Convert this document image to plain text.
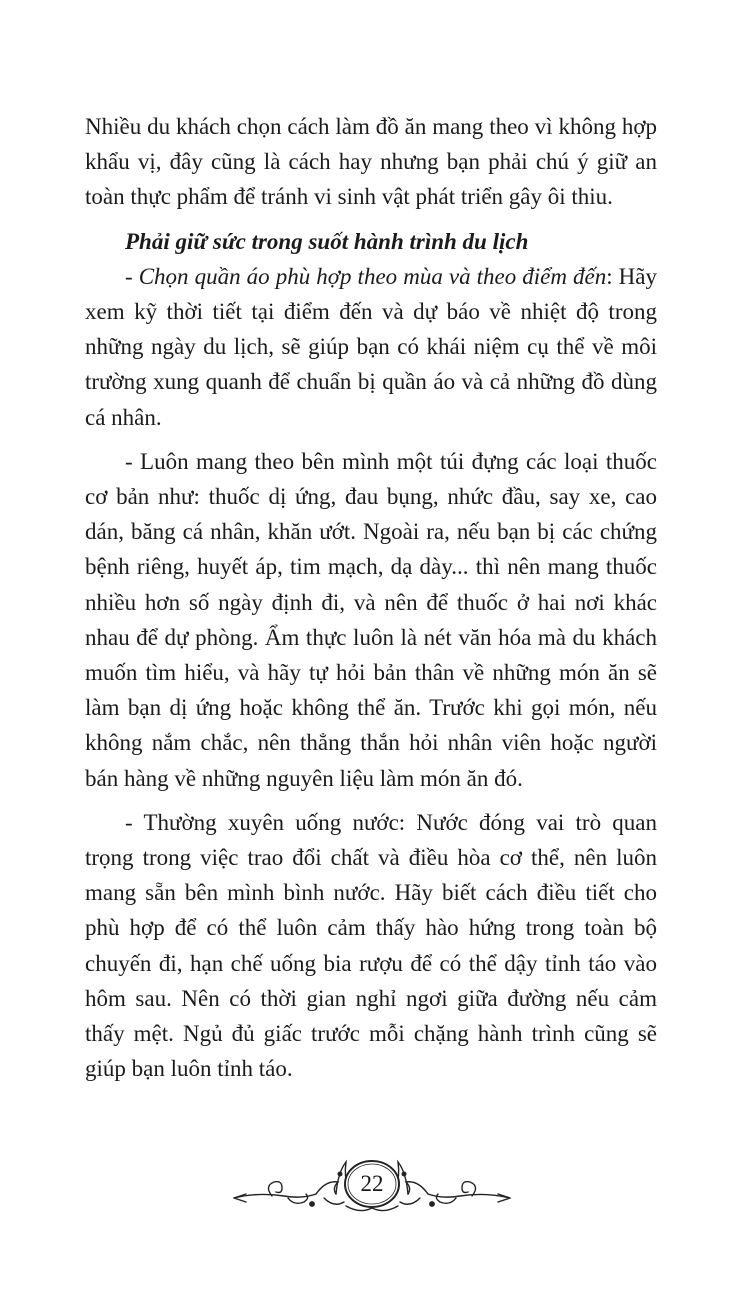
Nhiều du khách chọn cách làm đồ ăn mang theo vì không hợp khẩu vị, đây cũng là cách hay nhưng bạn phải chú ý giữ an toàn thực phẩm để tránh vi sinh vật phát triển gây ôi thiu.

Phải giữ sức trong suốt hành trình du lịch

- Chọn quần áo phù hợp theo mùa và theo điểm đến: Hãy xem kỹ thời tiết tại điểm đến và dự báo về nhiệt độ trong những ngày du lịch, sẽ giúp bạn có khái niệm cụ thể về môi trường xung quanh để chuẩn bị quần áo và cả những đồ dùng cá nhân.

- Luôn mang theo bên mình một túi đựng các loại thuốc cơ bản như: thuốc dị ứng, đau bụng, nhức đầu, say xe, cao dán, băng cá nhân, khăn ướt. Ngoài ra, nếu bạn bị các chứng bệnh riêng, huyết áp, tim mạch, dạ dày... thì nên mang thuốc nhiều hơn số ngày định đi, và nên để thuốc ở hai nơi khác nhau để dự phòng. Ẩm thực luôn là nét văn hóa mà du khách muốn tìm hiểu, và hãy tự hỏi bản thân về những món ăn sẽ làm bạn dị ứng hoặc không thể ăn. Trước khi gọi món, nếu không nắm chắc, nên thẳng thắn hỏi nhân viên hoặc người bán hàng về những nguyên liệu làm món ăn đó.

- Thường xuyên uống nước: Nước đóng vai trò quan trọng trong việc trao đổi chất và điều hòa cơ thể, nên luôn mang sẵn bên mình bình nước. Hãy biết cách điều tiết cho phù hợp để có thể luôn cảm thấy hào hứng trong toàn bộ chuyến đi, hạn chế uống bia rượu để có thể dậy tỉnh táo vào hôm sau. Nên có thời gian nghỉ ngơi giữa đường nếu cảm thấy mệt. Ngủ đủ giấc trước mỗi chặng hành trình cũng sẽ giúp bạn luôn tỉnh táo.

22
